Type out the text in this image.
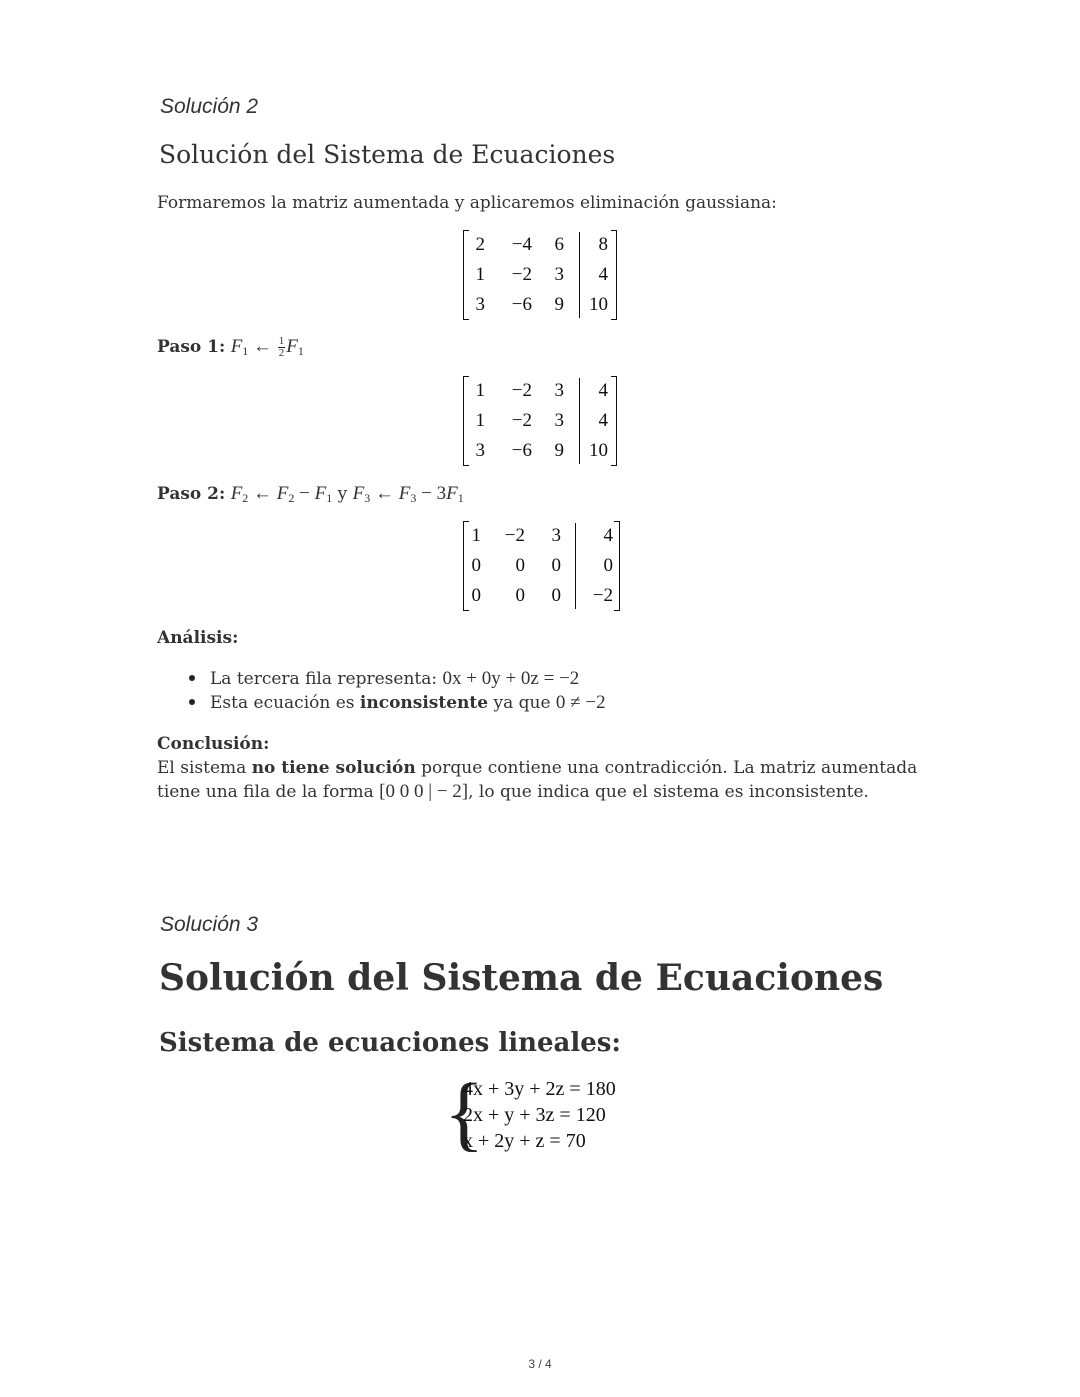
Solución 2
Solución del Sistema de Ecuaciones
Formaremos la matriz aumentada y aplicaremos eliminación gaussiana:
2 −4 6 8
1 −2 3 4
3 −6 9 10
Paso 1: $F_1$ ← $\frac{1}{2} F_1$
1 −2 3 4
1 −2 3 4
3 −6 9 10
Paso 2: $F_2$ ← $F_2 - F_1$ y $F_3$ ← $F_3 - 3F_1$
1 −2 3 4
0 0 0 0
0 0 0 −2
Análisis:
La tercera fila representa: 0x + 0y + 0z = −2
Esta ecuación es inconsistente ya que 0 ≠ −2
Conclusión:
El sistema no tiene solución porque contiene una contradicción. La matriz aumentada
tiene una fila de la forma [0 0 0 | − 2], lo que indica que el sistema es inconsistente.
Solución 3
Solución del Sistema de Ecuaciones
Sistema de ecuaciones lineales:
{
4x + 3y + 2z = 180
2x + y + 3z = 120
x + 2y + z = 70
3 / 4
